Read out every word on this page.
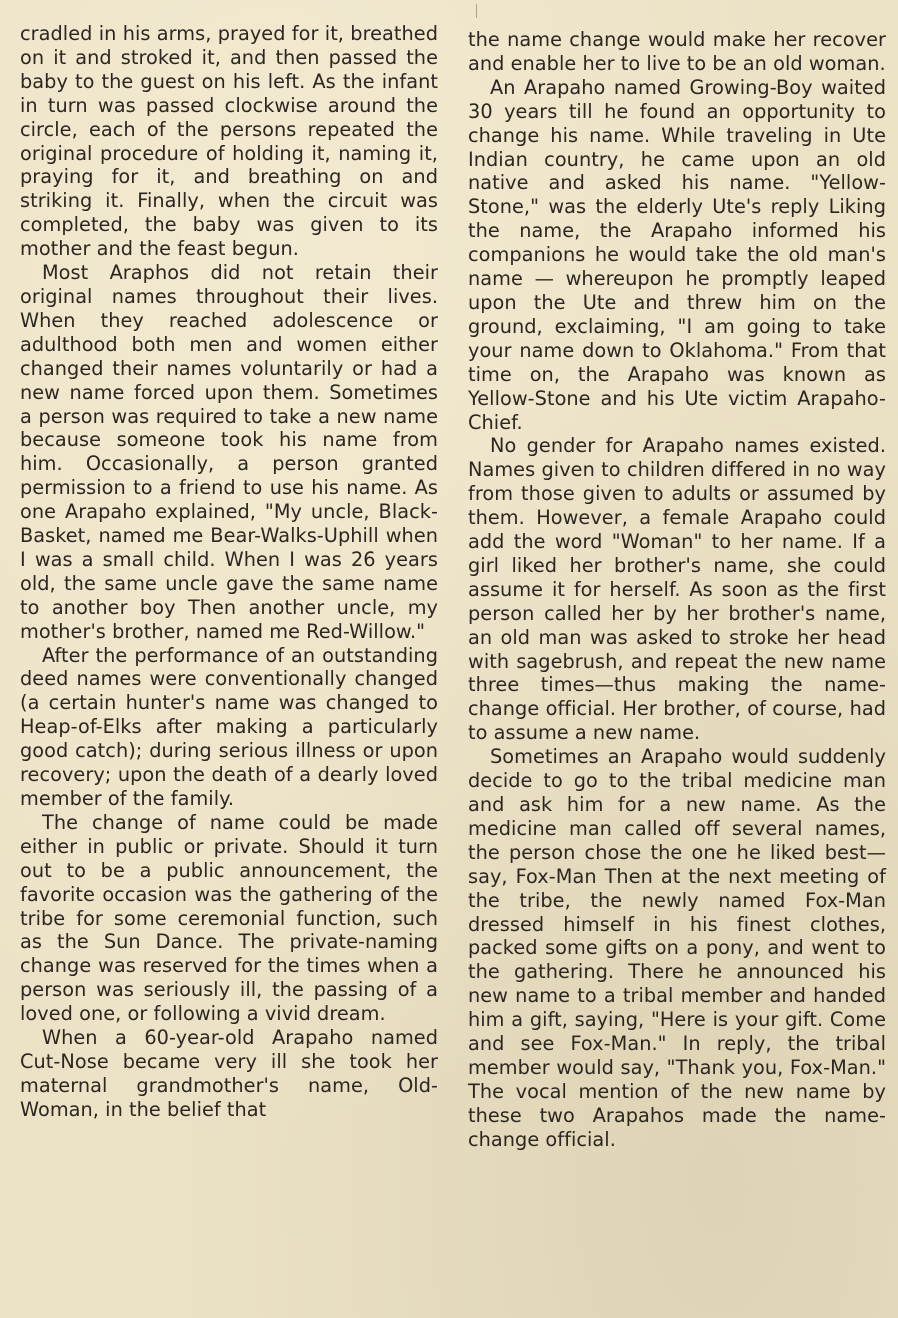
cradled in his arms, prayed for it, breathed on it and stroked it, and then passed the baby to the guest on his left. As the infant in turn was passed clockwise around the circle, each of the persons repeated the original procedure of holding it, naming it, praying for it, and breathing on and striking it. Finally, when the circuit was completed, the baby was given to its mother and the feast begun.

Most Araphos did not retain their original names throughout their lives. When they reached adolescence or adulthood both men and women either changed their names voluntarily or had a new name forced upon them. Sometimes a person was required to take a new name because someone took his name from him. Occasionally, a person granted permission to a friend to use his name. As one Arapaho explained, "My uncle, Black-Basket, named me Bear-Walks-Uphill when I was a small child. When I was 26 years old, the same uncle gave the same name to another boy Then another uncle, my mother's brother, named me Red-Willow."

After the performance of an outstanding deed names were conventionally changed (a certain hunter's name was changed to Heap-of-Elks after making a particularly good catch); during serious illness or upon recovery; upon the death of a dearly loved member of the family.

The change of name could be made either in public or private. Should it turn out to be a public announcement, the favorite occasion was the gathering of the tribe for some ceremonial function, such as the Sun Dance. The private-naming change was reserved for the times when a person was seriously ill, the passing of a loved one, or following a vivid dream.

When a 60-year-old Arapaho named Cut-Nose became very ill she took her maternal grandmother's name, Old-Woman, in the belief that

the name change would make her recover and enable her to live to be an old woman.

An Arapaho named Growing-Boy waited 30 years till he found an opportunity to change his name. While traveling in Ute Indian country, he came upon an old native and asked his name. "Yellow-Stone," was the elderly Ute's reply Liking the name, the Arapaho informed his companions he would take the old man's name — whereupon he promptly leaped upon the Ute and threw him on the ground, exclaiming, "I am going to take your name down to Oklahoma." From that time on, the Arapaho was known as Yellow-Stone and his Ute victim Arapaho-Chief.

No gender for Arapaho names existed. Names given to children differed in no way from those given to adults or assumed by them. However, a female Arapaho could add the word "Woman" to her name. If a girl liked her brother's name, she could assume it for herself. As soon as the first person called her by her brother's name, an old man was asked to stroke her head with sagebrush, and repeat the new name three times—thus making the name-change official. Her brother, of course, had to assume a new name.

Sometimes an Arapaho would suddenly decide to go to the tribal medicine man and ask him for a new name. As the medicine man called off several names, the person chose the one he liked best—say, Fox-Man Then at the next meeting of the tribe, the newly named Fox-Man dressed himself in his finest clothes, packed some gifts on a pony, and went to the gathering. There he announced his new name to a tribal member and handed him a gift, saying, "Here is your gift. Come and see Fox-Man." In reply, the tribal member would say, "Thank you, Fox-Man." The vocal mention of the new name by these two Arapahos made the name-change official.
